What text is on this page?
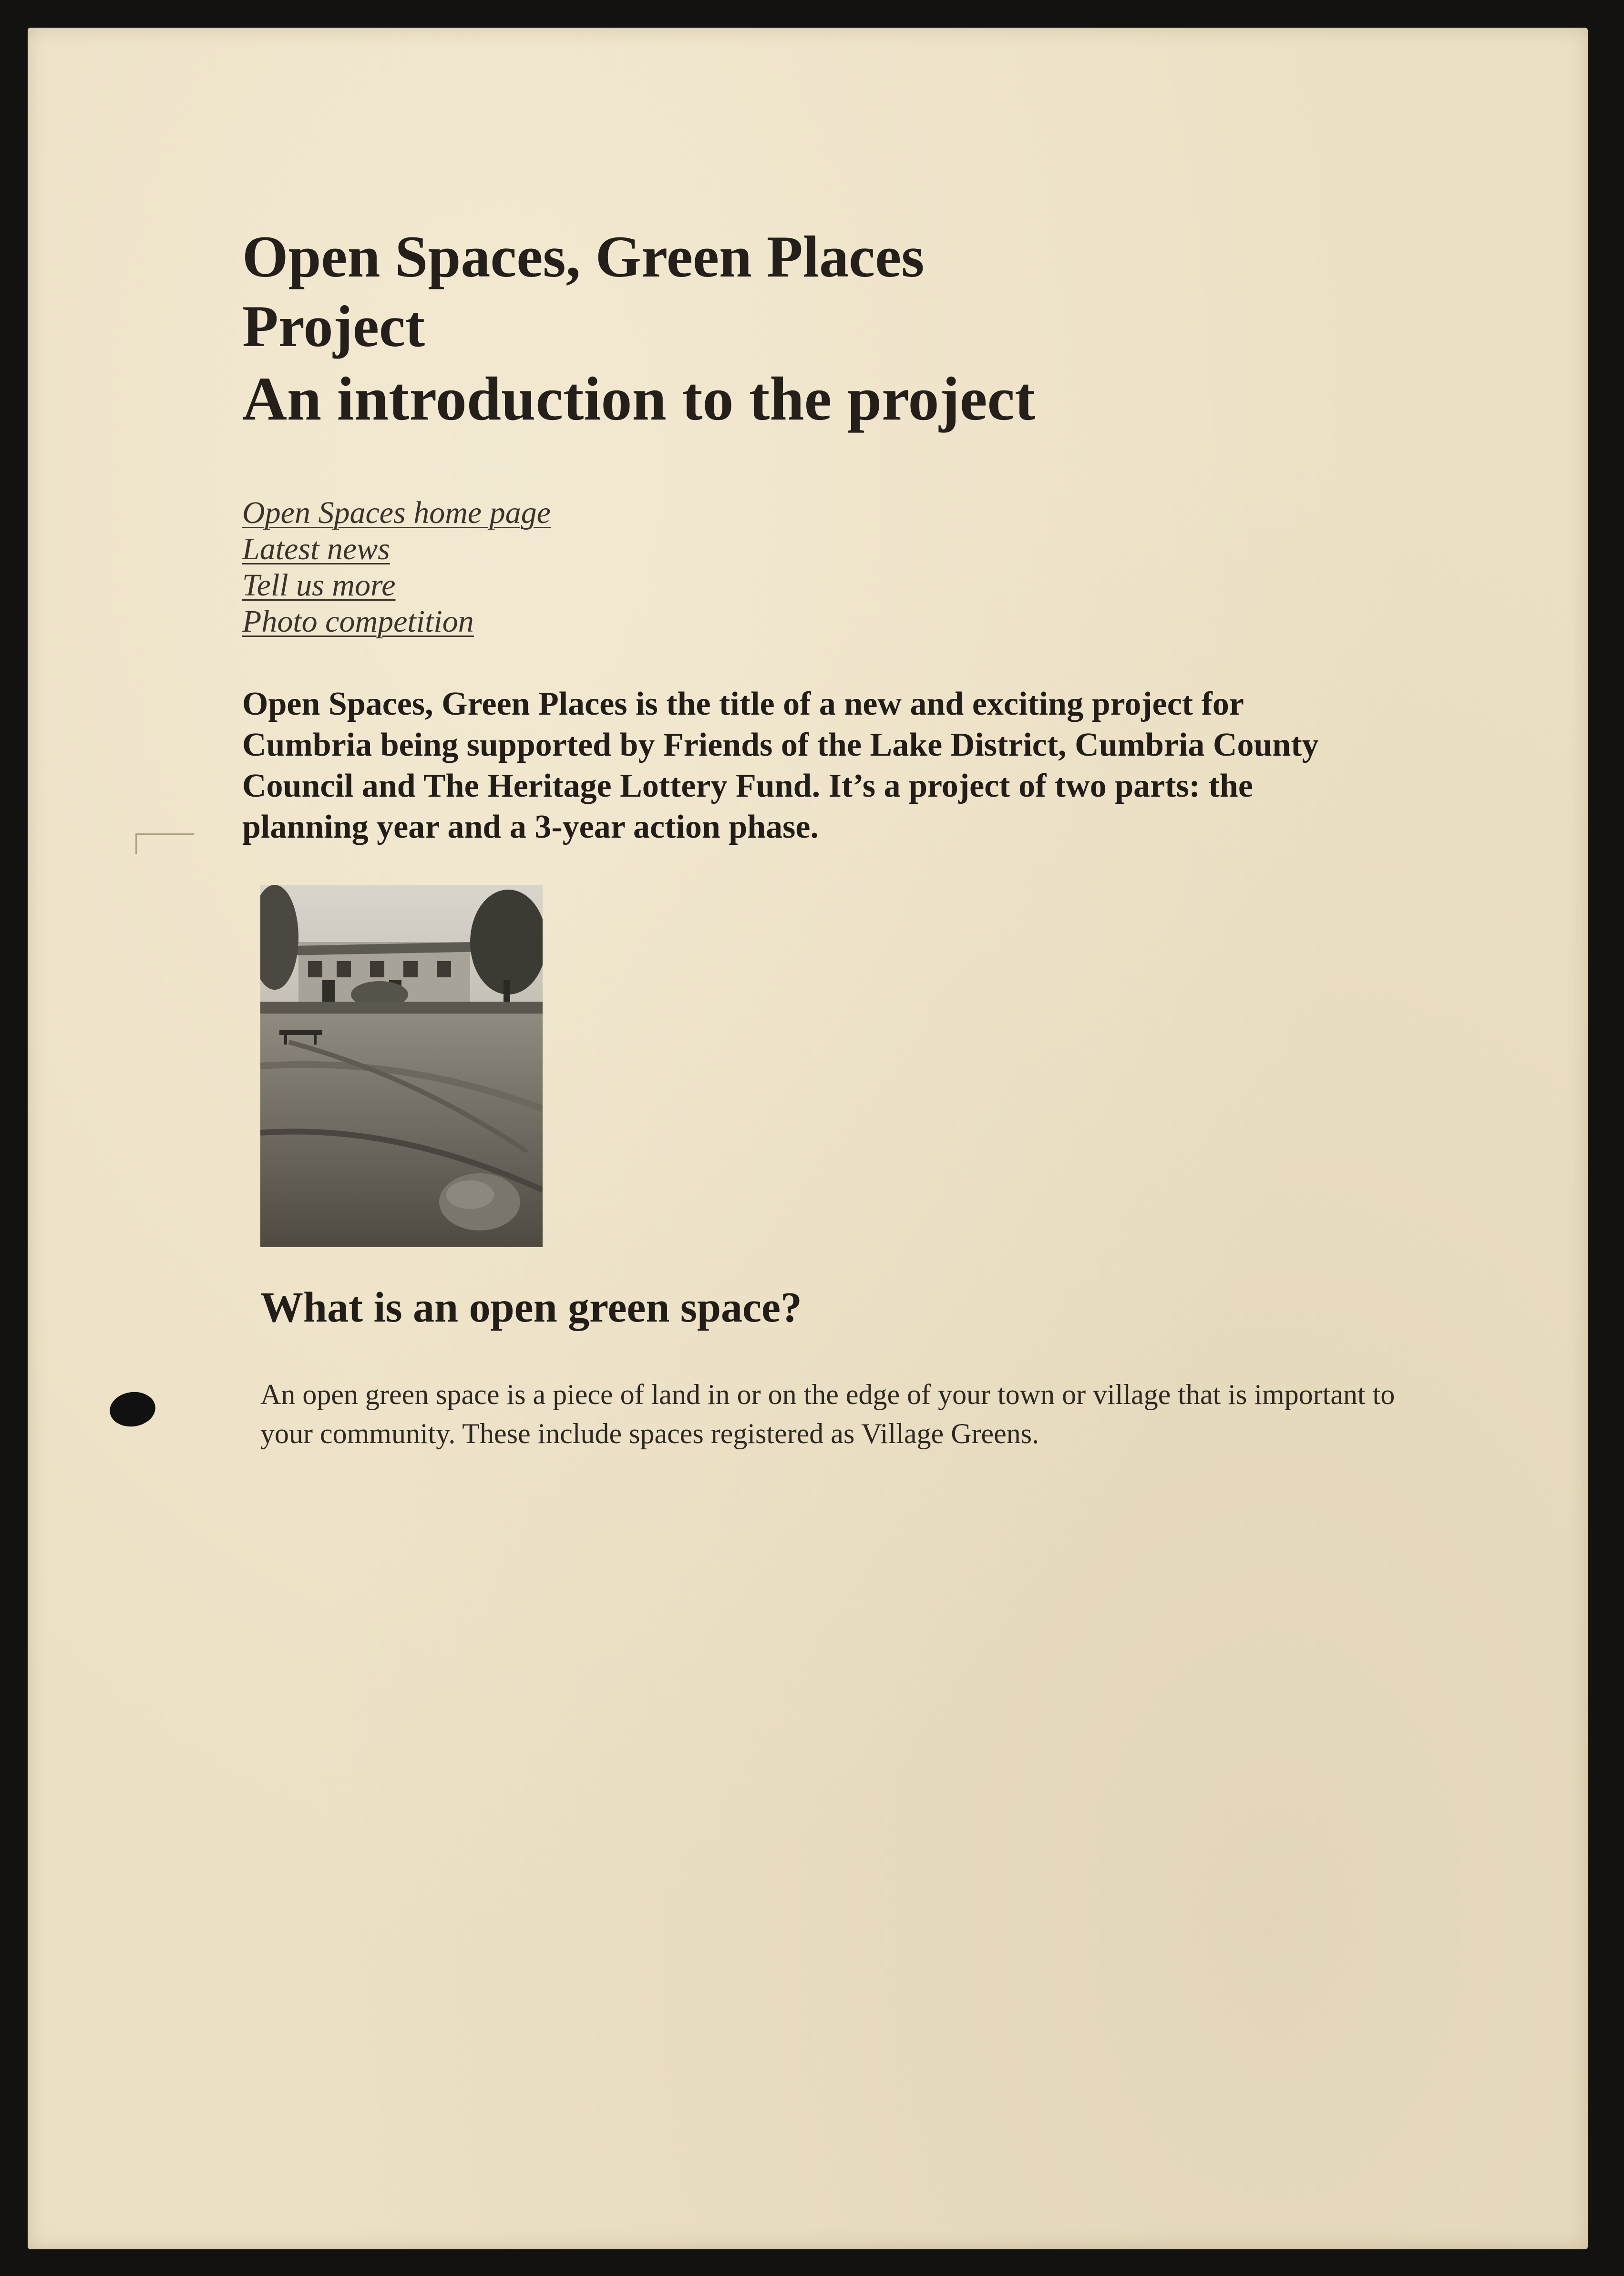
Open Spaces, Green Places
Project
An introduction to the project
Open Spaces home page
Latest news
Tell us more
Photo competition

Open Spaces, Green Places is the title of a new and exciting project for Cumbria being supported by Friends of the Lake District, Cumbria County Council and The Heritage Lottery Fund. It’s a project of two parts: the planning year and a 3-year action phase.

What is an open green space?

An open green space is a piece of land in or on the edge of your town or village that is important to your community. These include spaces registered as Village Greens.
